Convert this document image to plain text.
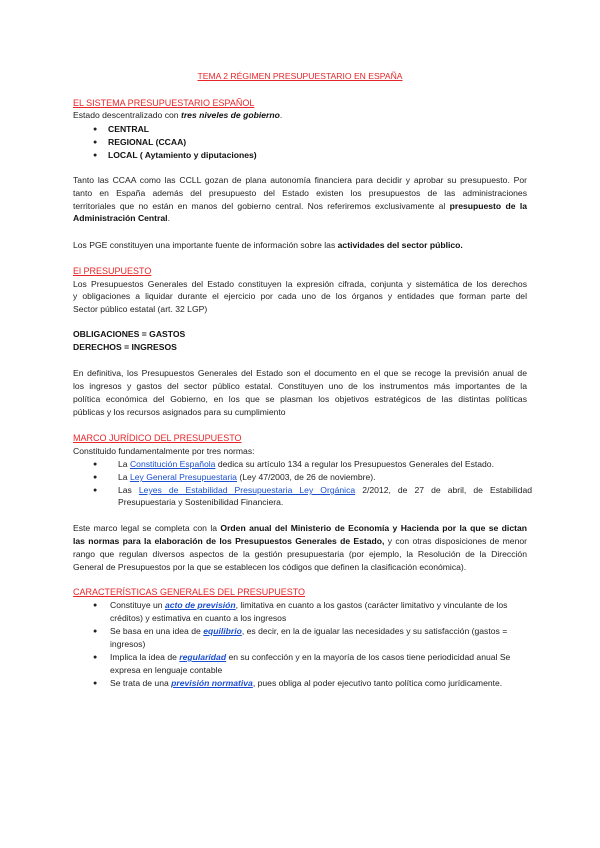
TEMA 2 RÉGIMEN PRESUPUESTARIO EN ESPAÑA
EL SISTEMA PRESUPUESTARIO ESPAÑOL
Estado descentralizado con tres niveles de gobierno.
● CENTRAL
● REGIONAL (CCAA)
● LOCAL ( Aytamiento y diputaciones)
Tanto las CCAA como las CCLL gozan de plana autonomía financiera para decidir y aprobar su presupuesto. Por
tanto en España además del presupuesto del Estado existen los presupuestos de las administraciones
territoriales que no están en manos del gobierno central. Nos referiremos exclusivamente al presupuesto de la
Administración Central.
Los PGE constituyen una importante fuente de información sobre las actividades del sector público.
El PRESUPUESTO
Los Presupuestos Generales del Estado constituyen la expresión cifrada, conjunta y sistemática de los derechos
y obligaciones a liquidar durante el ejercicio por cada uno de los órganos y entidades que forman parte del
Sector público estatal (art. 32 LGP)
OBLIGACIONES = GASTOS
DERECHOS = INGRESOS
En definitiva, los Presupuestos Generales del Estado son el documento en el que se recoge la previsión anual de
los ingresos y gastos del sector público estatal. Constituyen uno de los instrumentos más importantes de la
política económica del Gobierno, en los que se plasman los objetivos estratégicos de las distintas políticas
públicas y los recursos asignados para su cumplimiento
MARCO JURÍDICO DEL PRESUPUESTO
Constituido fundamentalmente por tres normas:
● La Constitución Española dedica su artículo 134 a regular los Presupuestos Generales del Estado.
● La Ley General Presupuestaria (Ley 47/2003, de 26 de noviembre).
● Las Leyes de Estabilidad Presupuestaria Ley Orgánica 2/2012, de 27 de abril, de Estabilidad
Presupuestaria y Sostenibilidad Financiera.
Este marco legal se completa con la Orden anual del Ministerio de Economía y Hacienda por la que se dictan
las normas para la elaboración de los Presupuestos Generales de Estado, y con otras disposiciones de menor
rango que regulan diversos aspectos de la gestión presupuestaria (por ejemplo, la Resolución de la Dirección
General de Presupuestos por la que se establecen los códigos que definen la clasificación económica).
CARACTERÍSTICAS GENERALES DEL PRESUPUESTO
● Constituye un acto de previsión, limitativa en cuanto a los gastos (carácter limitativo y vinculante de los
créditos) y estimativa en cuanto a los ingresos
● Se basa en una idea de equilibrio, es decir, en la de igualar las necesidades y su satisfacción (gastos =
ingresos)
● Implica la idea de regularidad en su confección y en la mayoría de los casos tiene periodicidad anual Se
expresa en lenguaje contable
● Se trata de una previsión normativa, pues obliga al poder ejecutivo tanto política como jurídicamente.
